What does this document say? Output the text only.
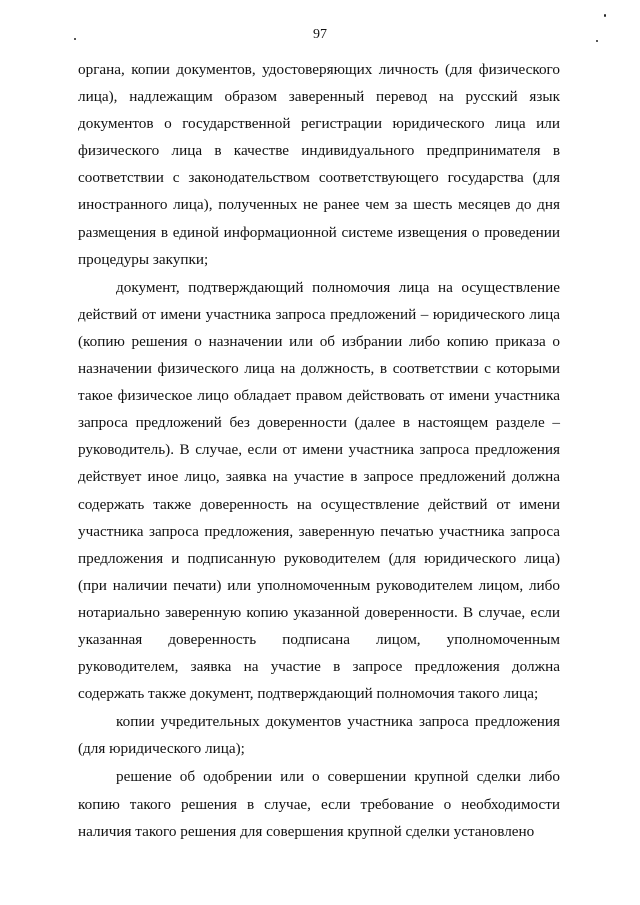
97

органа, копии документов, удостоверяющих личность (для физического лица), надлежащим образом заверенный перевод на русский язык документов о государственной регистрации юридического лица или физического лица в качестве индивидуального предпринимателя в соответствии с законодательством соответствующего государства (для иностранного лица), полученных не ранее чем за шесть месяцев до дня размещения в единой информационной системе извещения о проведении процедуры закупки;

документ, подтверждающий полномочия лица на осуществление действий от имени участника запроса предложений – юридического лица (копию решения о назначении или об избрании либо копию приказа о назначении физического лица на должность, в соответствии с которыми такое физическое лицо обладает правом действовать от имени участника запроса предложений без доверенности (далее в настоящем разделе – руководитель). В случае, если от имени участника запроса предложения действует иное лицо, заявка на участие в запросе предложений должна содержать также доверенность на осуществление действий от имени участника запроса предложения, заверенную печатью участника запроса предложения и подписанную руководителем (для юридического лица) (при наличии печати) или уполномоченным руководителем лицом, либо нотариально заверенную копию указанной доверенности. В случае, если указанная доверенность подписана лицом, уполномоченным руководителем, заявка на участие в запросе предложения должна содержать также документ, подтверждающий полномочия такого лица;

копии учредительных документов участника запроса предложения (для юридического лица);

решение об одобрении или о совершении крупной сделки либо копию такого решения в случае, если требование о необходимости наличия такого решения для совершения крупной сделки установлено
